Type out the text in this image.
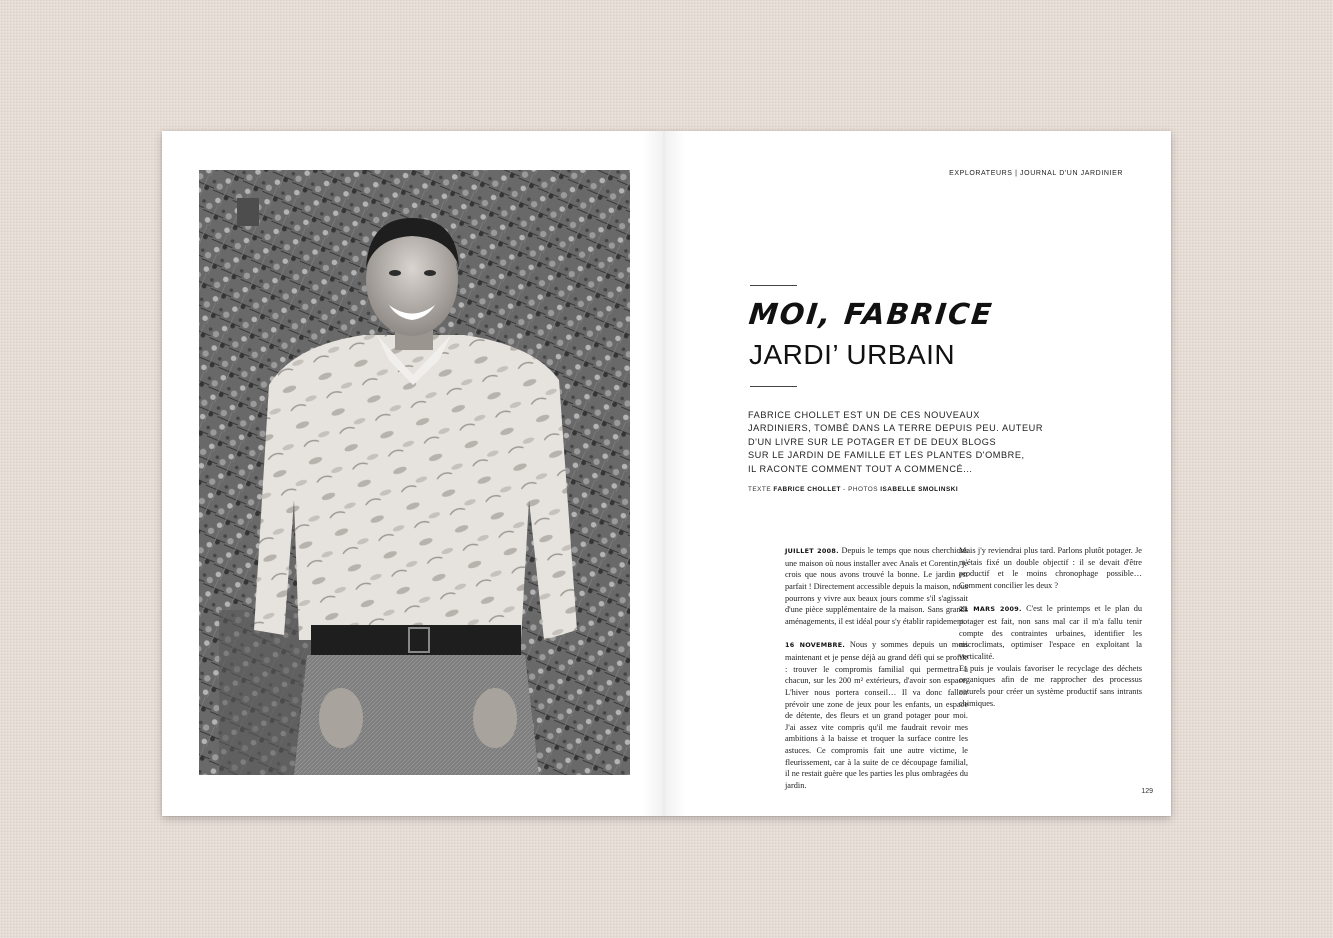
EXPLORATEURS | JOURNAL D'UN JARDINIER
MOI, FABRICE
JARDI’ URBAIN
FABRICE CHOLLET EST UN DE CES NOUVEAUX
JARDINIERS, TOMBÉ DANS LA TERRE DEPUIS PEU. AUTEUR
D'UN LIVRE SUR LE POTAGER ET DE DEUX BLOGS
SUR LE JARDIN DE FAMILLE ET LES PLANTES D'OMBRE,
IL RACONTE COMMENT TOUT A COMMENCÉ...
TEXTE FABRICE CHOLLET - PHOTOS ISABELLE SMOLINSKI

JUILLET 2008. Depuis le temps que nous cherchions une maison où nous installer avec Anaïs et Corentin, je crois que nous avons trouvé la bonne. Le jardin est parfait ! Directement accessible depuis la maison, nous pourrons y vivre aux beaux jours comme s'il s'agissait d'une pièce supplémentaire de la maison. Sans grands aménagements, il est idéal pour s'y établir rapidement.

16 NOVEMBRE. Nous y sommes depuis un mois maintenant et je pense déjà au grand défi qui se profile : trouver le compromis familial qui permettra à chacun, sur les 200 m² extérieurs, d'avoir son espace. L'hiver nous portera conseil… Il va donc falloir prévoir une zone de jeux pour les enfants, un espace de détente, des fleurs et un grand potager pour moi. J'ai assez vite compris qu'il me faudrait revoir mes ambitions à la baisse et troquer la surface contre les astuces. Ce compromis fait une autre victime, le fleurissement, car à la suite de ce découpage familial, il ne restait guère que les parties les plus ombragées du jardin.

Mais j'y reviendrai plus tard. Parlons plutôt potager. Je m'étais fixé un double objectif : il se devait d'être productif et le moins chronophage possible… Comment concilier les deux ?

21 MARS 2009. C'est le printemps et le plan du potager est fait, non sans mal car il m'a fallu tenir compte des contraintes urbaines, identifier les microclimats, optimiser l'espace en exploitant la verticalité.

Et puis je voulais favoriser le recyclage des déchets organiques afin de me rapprocher des processus naturels pour créer un système productif sans intrants chimiques.

129
